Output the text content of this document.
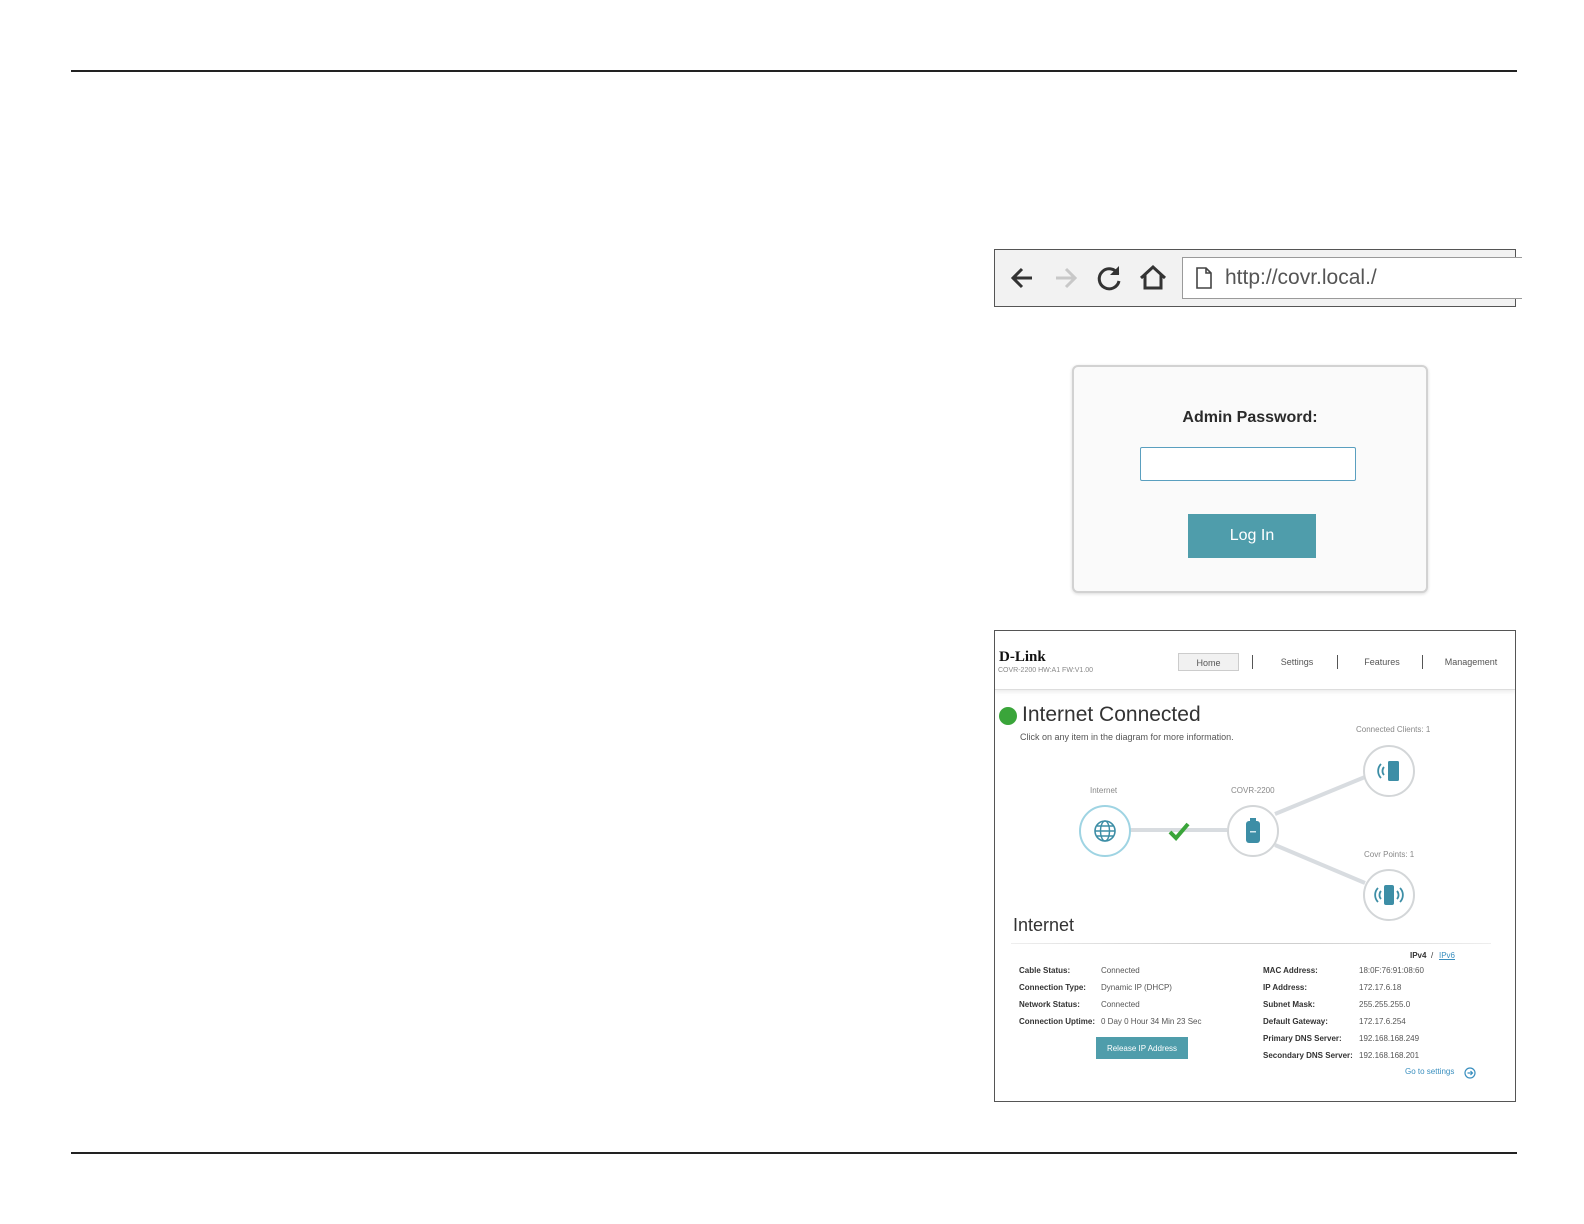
http://covr.local./
Admin Password:
Log In
D-Link
COVR-2200 HW:A1 FW:V1.00
Home	Settings	Features	Management
Internet Connected
Click on any item in the diagram for more information.
Internet	COVR-2200
Connected Clients: 1
Covr Points: 1
Internet
IPv4 / IPv6
Cable Status:	Connected
Connection Type: Dynamic IP (DHCP)
Network Status:	Connected
Connection Uptime: 0 Day 0 Hour 34 Min 23 Sec
MAC Address:	18:0F:76:91:08:60
IP Address:	172.17.6.18
Subnet Mask:	255.255.255.0
Default Gateway:	172.17.6.254
Primary DNS Server: 192.168.168.249
Secondary DNS Server: 192.168.168.201
Release IP Address
Go to settings
